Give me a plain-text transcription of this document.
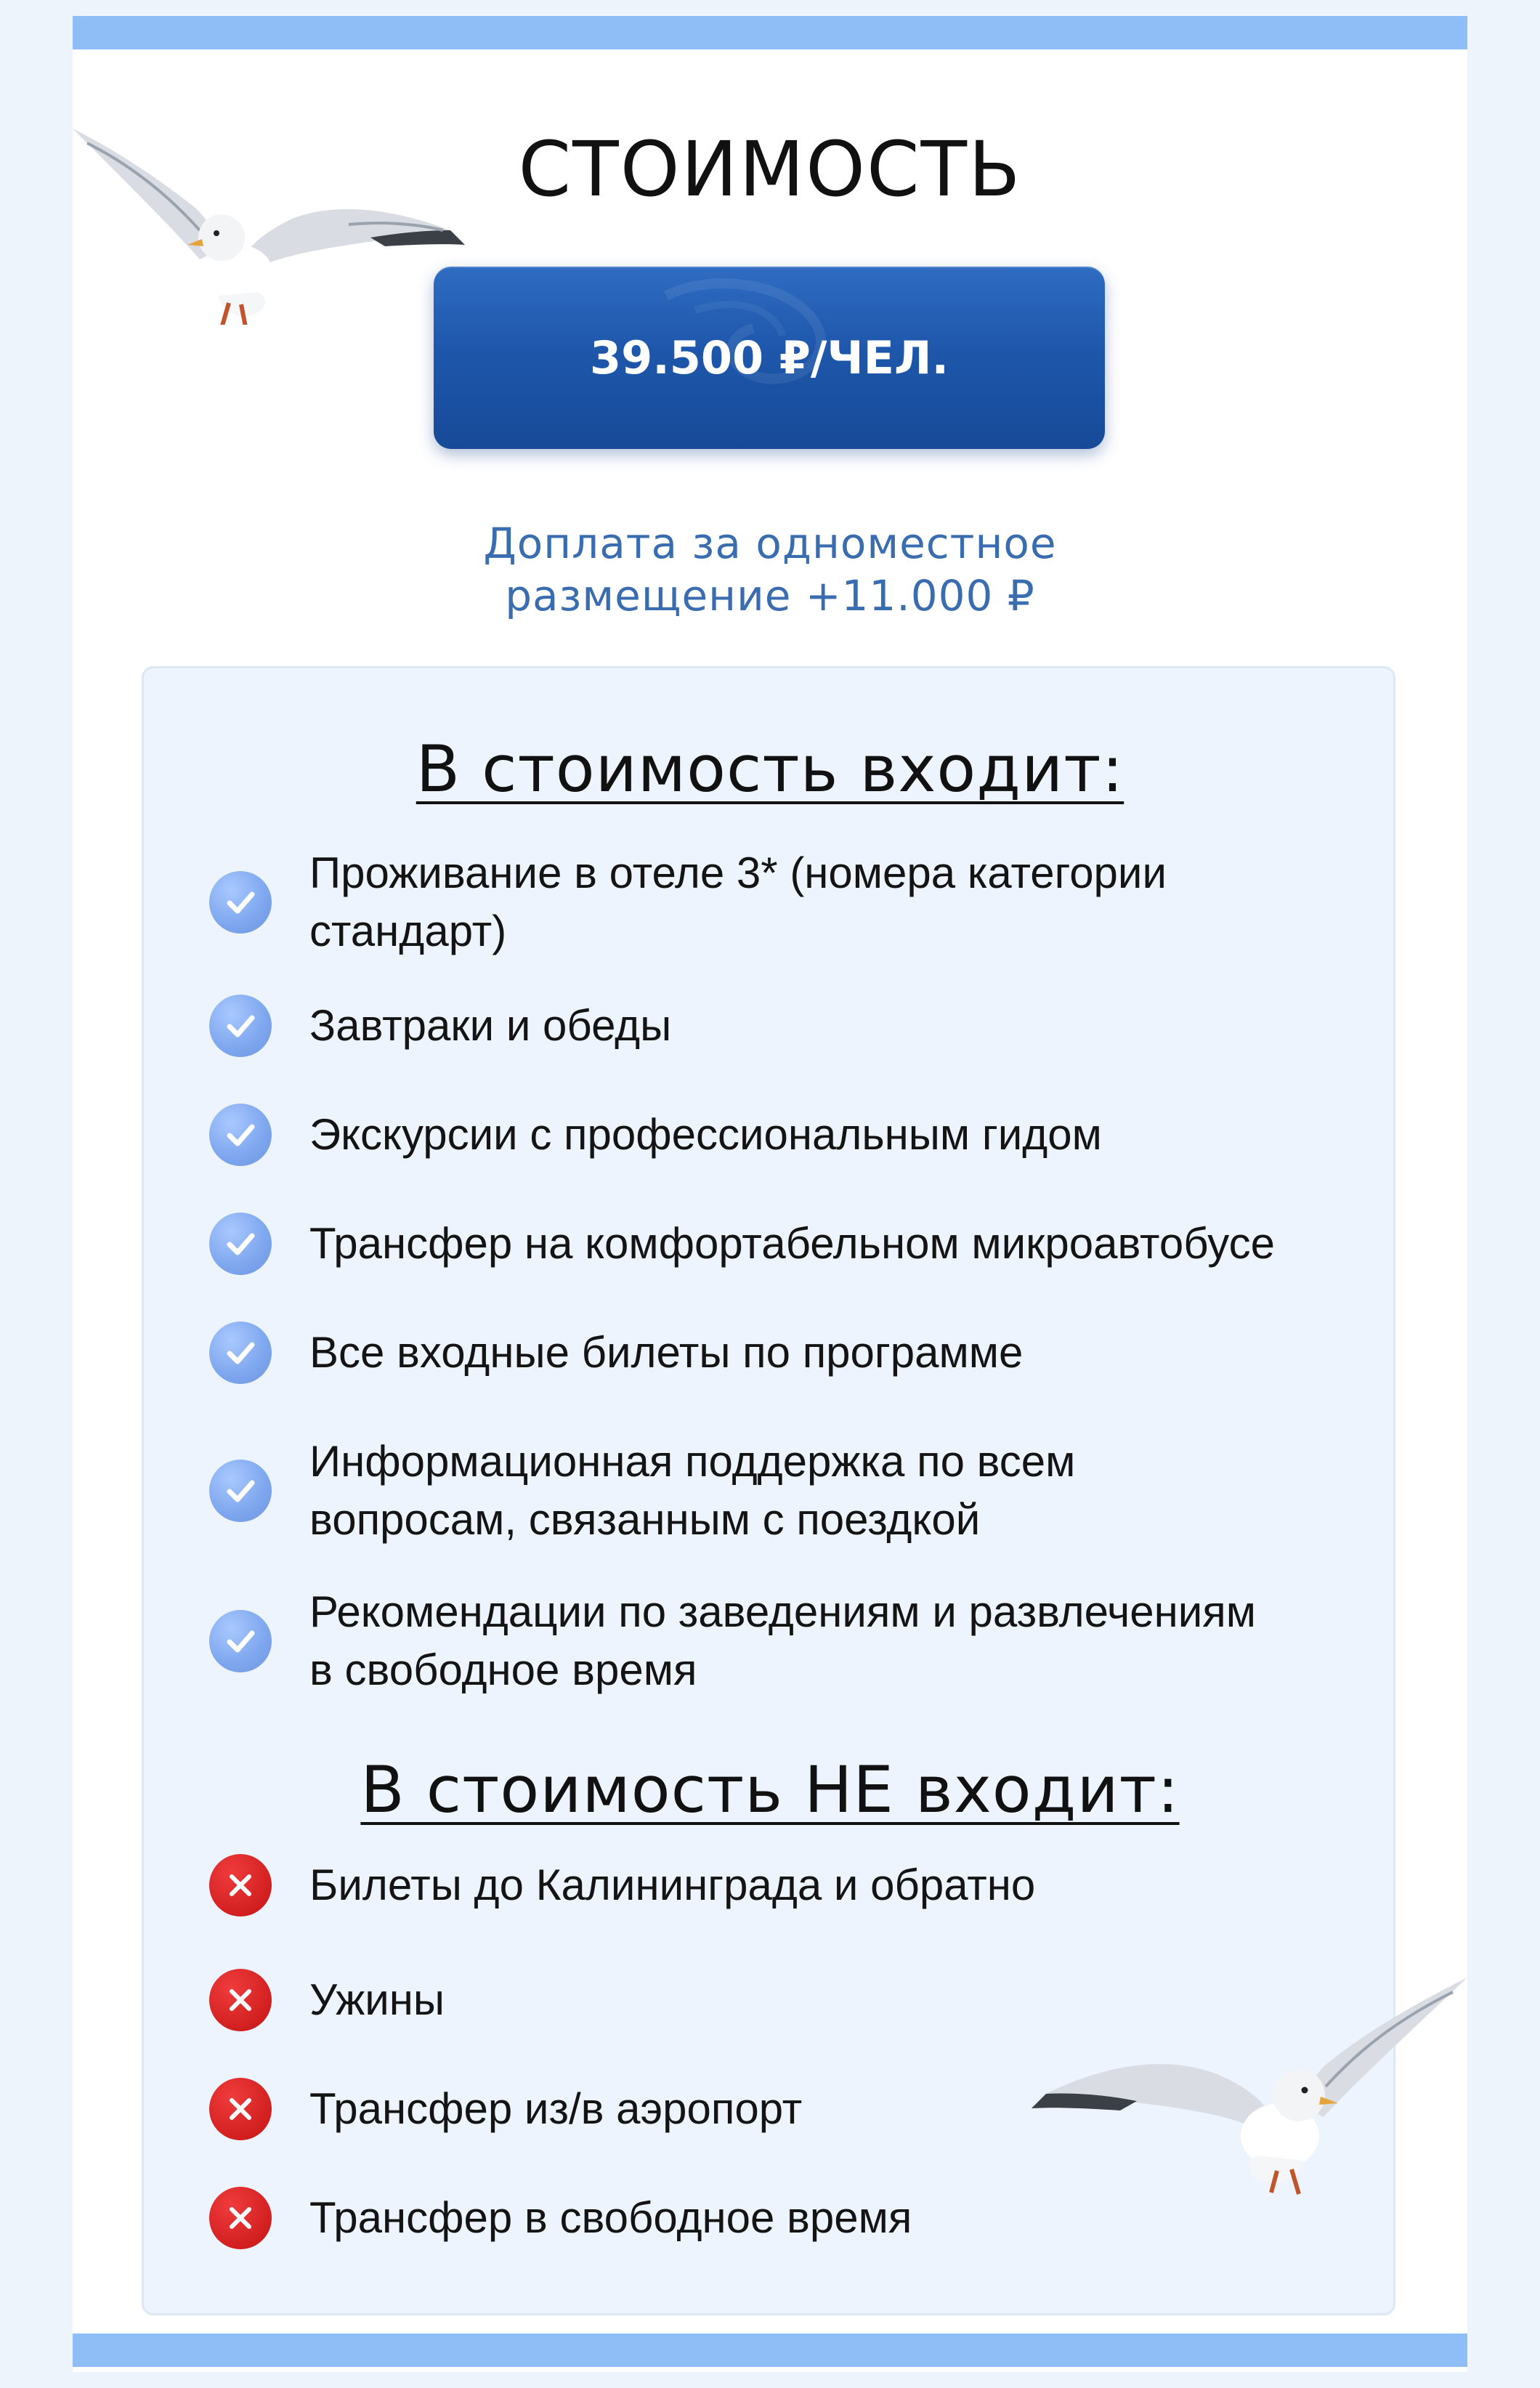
СТОИМОСТЬ
39.500 ₽/ЧЕЛ.
Доплата за одноместное
размещение +11.000 ₽
В стоимость входит:
Проживание в отеле 3* (номера категории
стандарт)
Завтраки и обеды
Экскурсии с профессиональным гидом
Трансфер на комфортабельном микроавтобусе
Все входные билеты по программе
Информационная поддержка по всем
вопросам, связанным с поездкой
Рекомендации по заведениям и развлечениям
в свободное время
В стоимость НЕ входит:
Билеты до Калининграда и обратно
Ужины
Трансфер из/в аэропорт
Трансфер в свободное время
